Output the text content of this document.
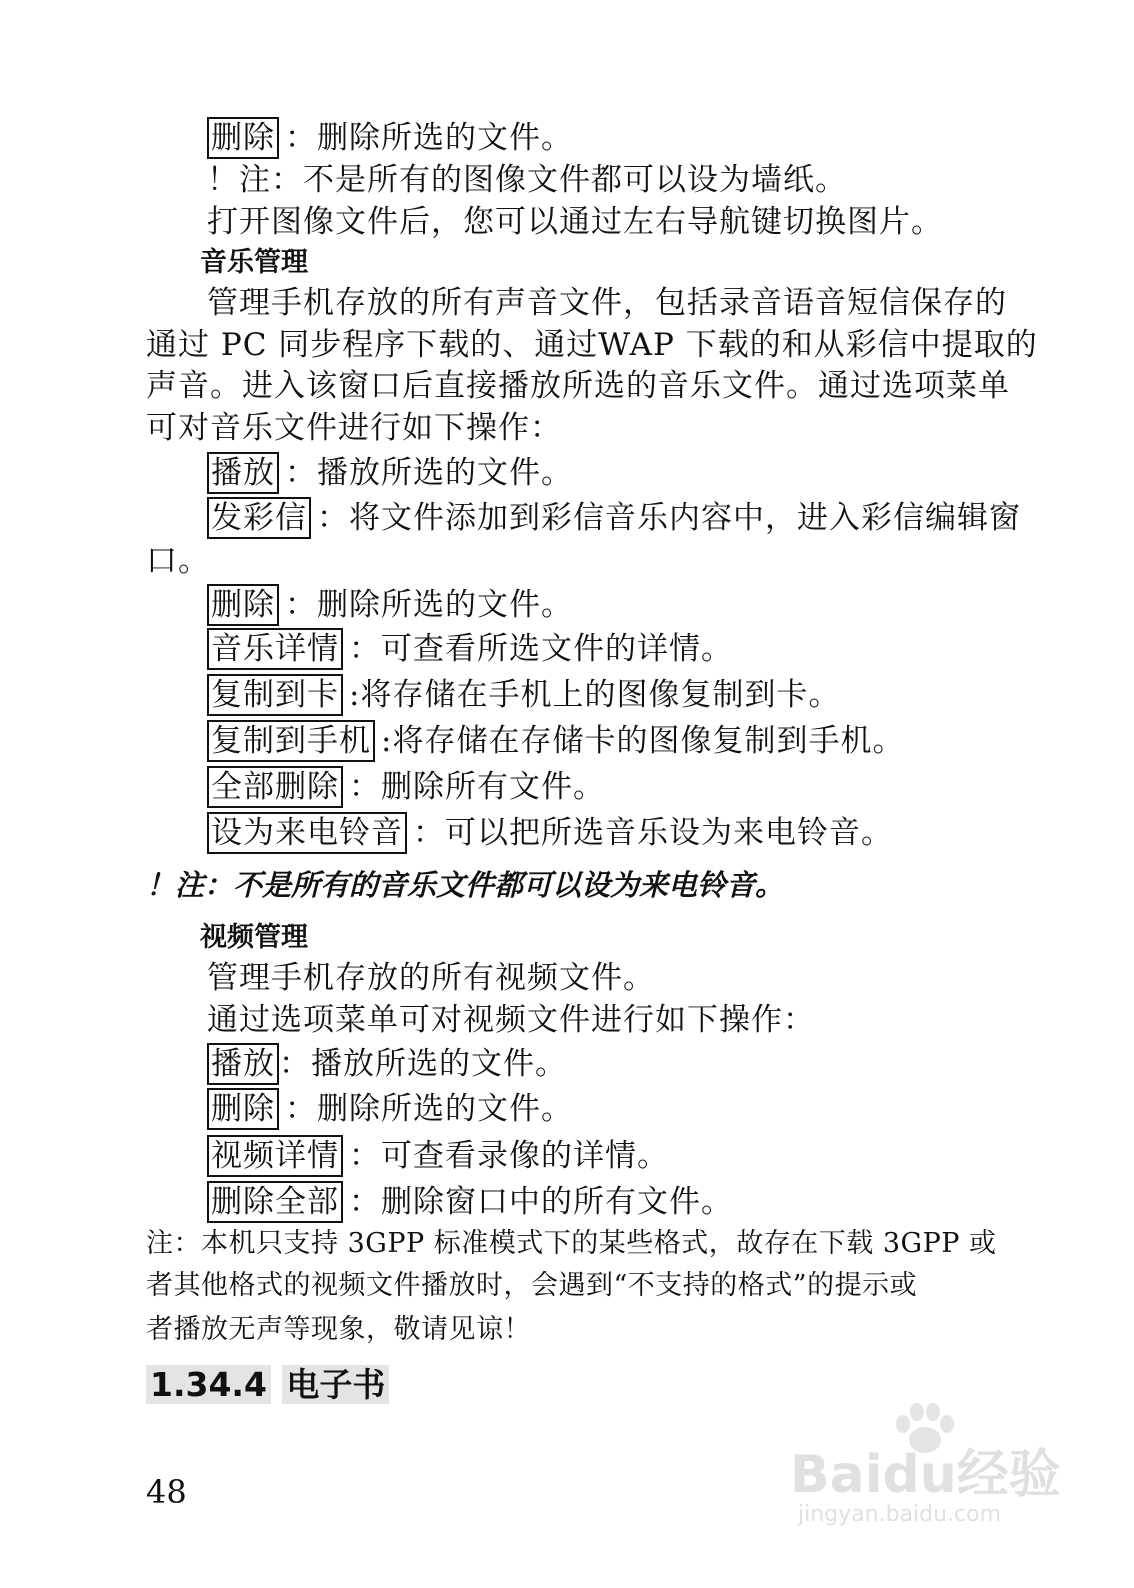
删除 ：删除所选的文件。
！注：不是所有的图像文件都可以设为墙纸。
打开图像文件后，您可以通过左右导航键切换图片。
音乐管理
管理手机存放的所有声音文件，包括录音语音短信保存的
通过 PC 同步程序下载的、通过WAP 下载的和从彩信中提取的
声音。进入该窗口后直接播放所选的音乐文件。通过选项菜单
可对音乐文件进行如下操作：
播放 ：播放所选的文件。
发彩信 ：将文件添加到彩信音乐内容中，进入彩信编辑窗
口。
删除 ：删除所选的文件。
音乐详情 ：可查看所选文件的详情。
复制到卡 :将存储在手机上的图像复制到卡。
复制到手机 :将存储在存储卡的图像复制到手机。
全部删除 ：删除所有文件。
设为来电铃音 ：可以把所选音乐设为来电铃音。
！注：不是所有的音乐文件都可以设为来电铃音。
视频管理
管理手机存放的所有视频文件。
通过选项菜单可对视频文件进行如下操作：
播放 ：播放所选的文件。
删除 ：删除所选的文件。
视频详情 ：可查看录像的详情。
删除全部 ：删除窗口中的所有文件。
注：本机只支持 3GPP 标准模式下的某些格式，故存在下载 3GPP 或
者其他格式的视频文件播放时，会遇到“不支持的格式”的提示或
者播放无声等现象，敬请见谅！
1.34.4 电子书
48	Baidu经验
jingyan.baidu.com
